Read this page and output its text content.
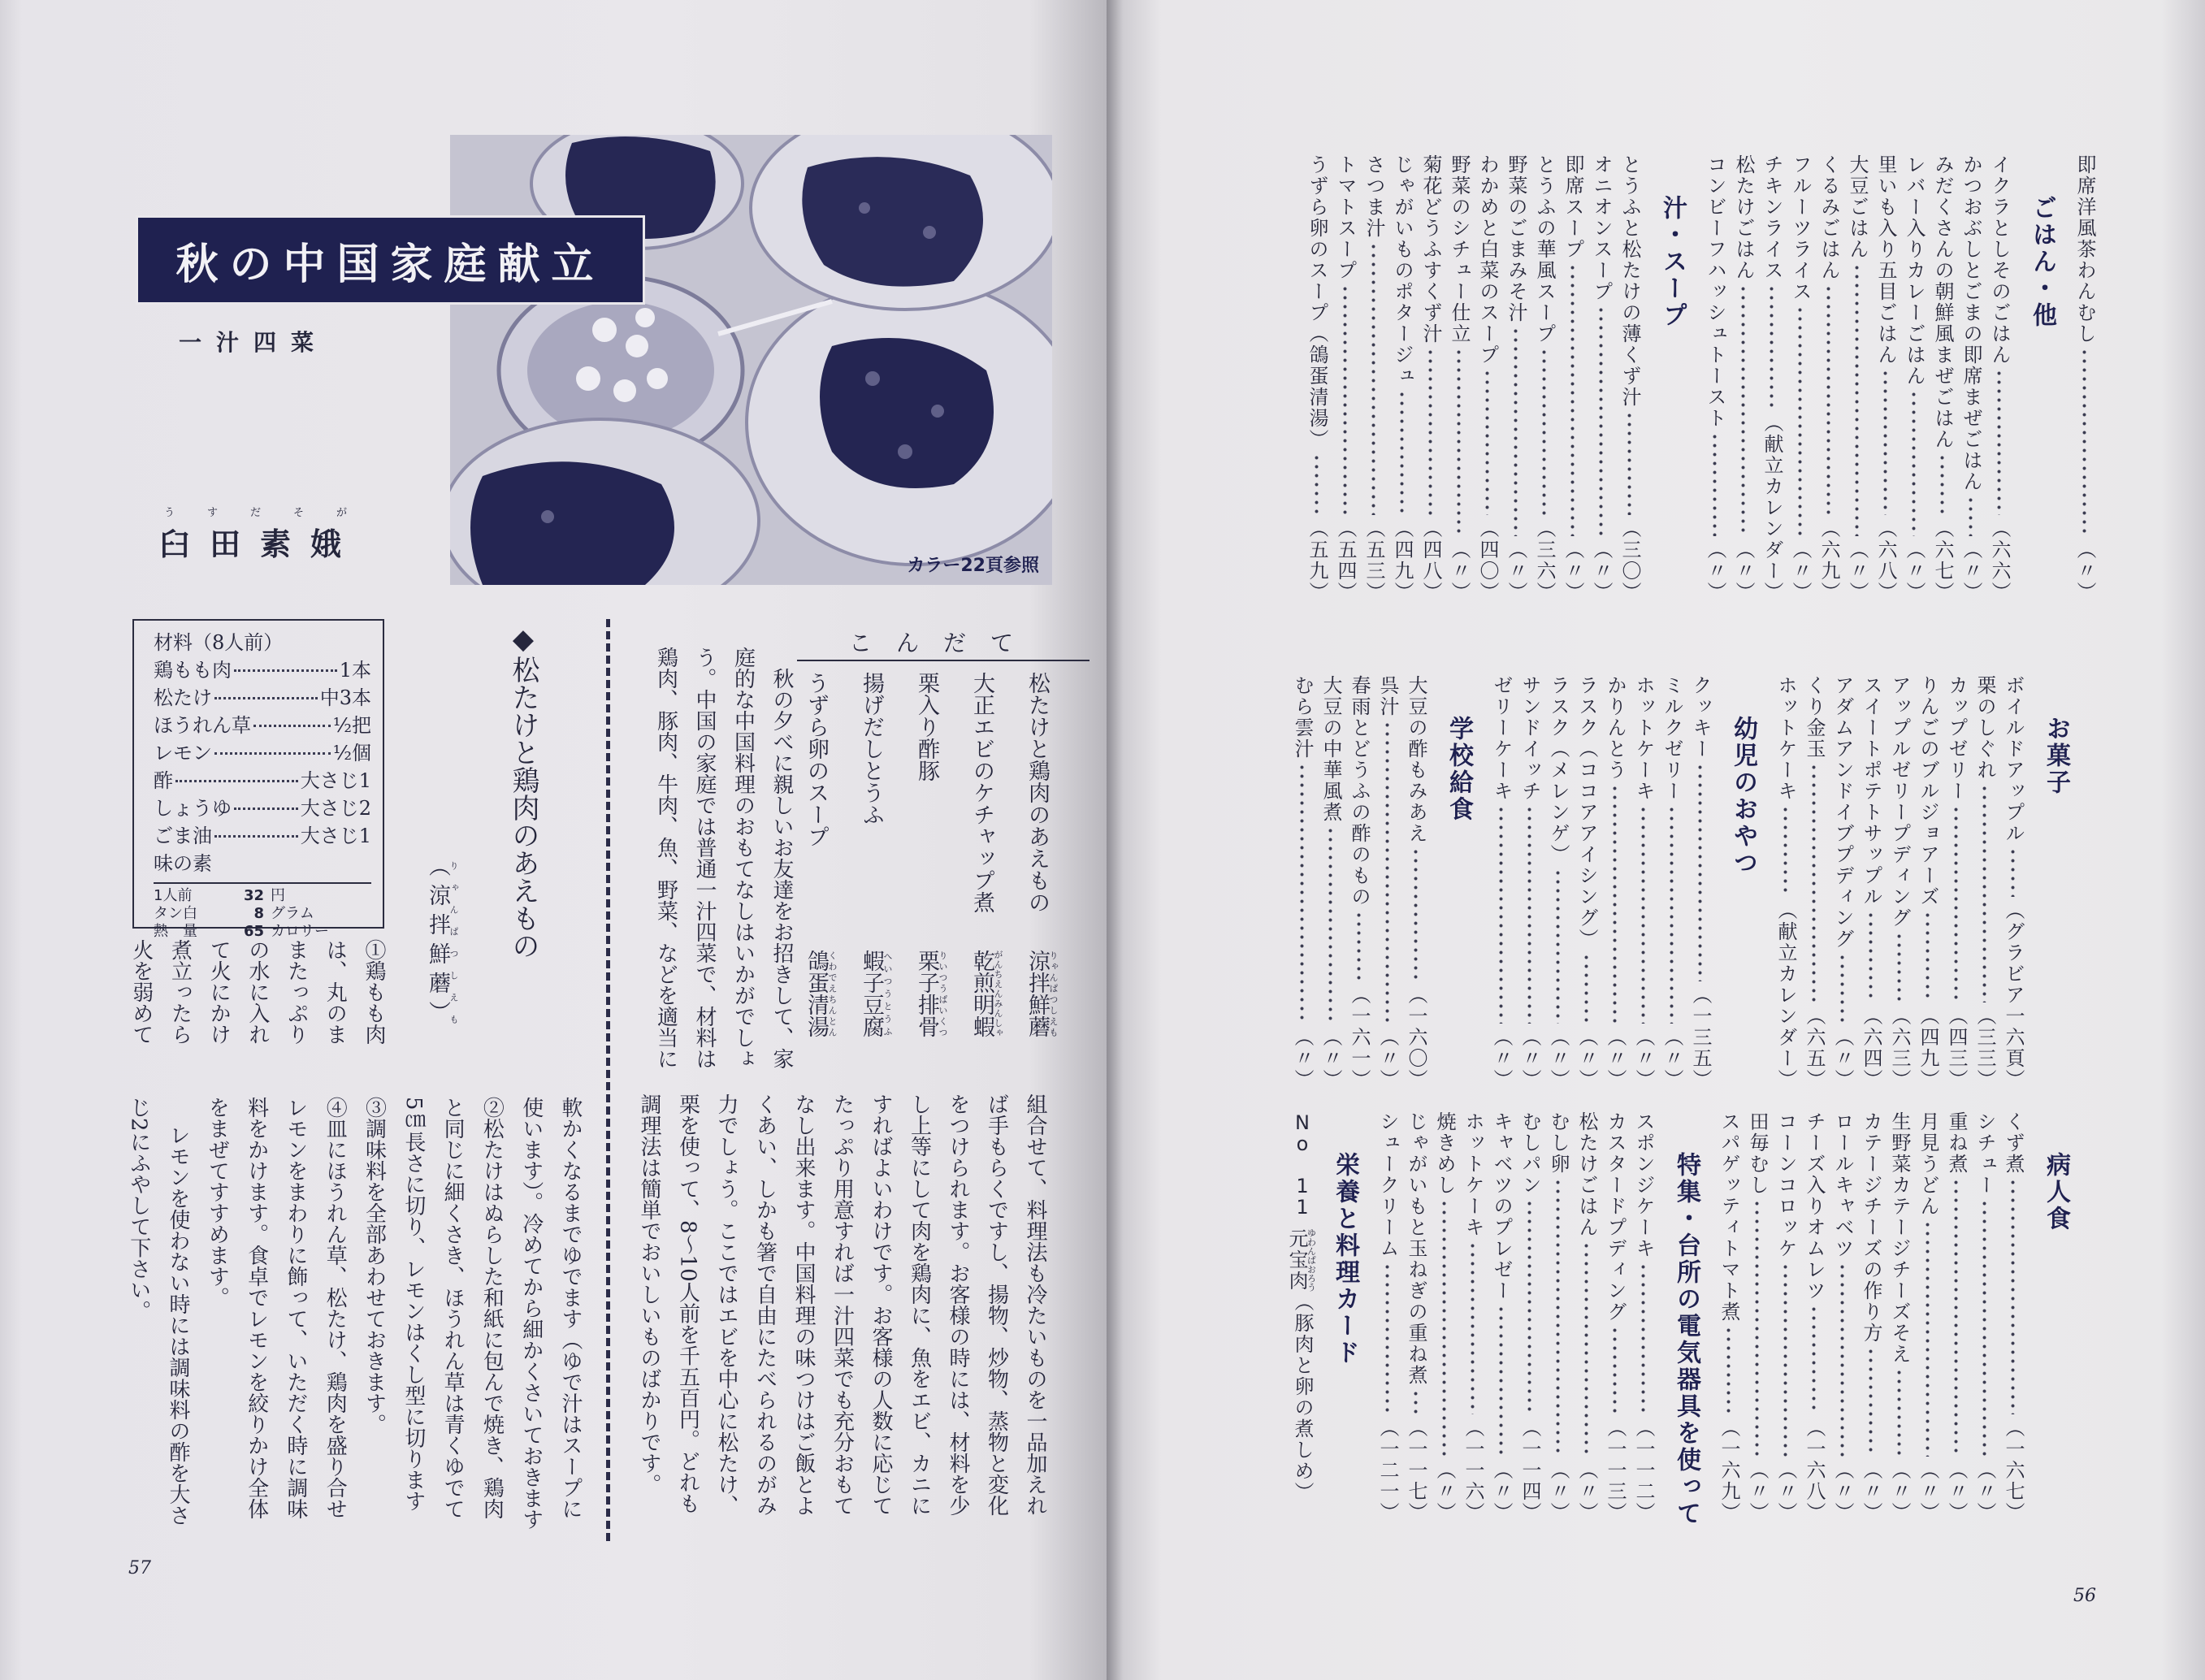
カラー22頁参照
秋の中国家庭献立
一汁四菜
うすだそが
臼田素娥
材料（8人前）
鶏もも肉	1本
松たけ	中3本
ほうれん草	½把
レモン	½個
酢	大さじ1
しょうゆ	大さじ2
ごま油	大さじ1
味の素
1人前	32 円
タン白	8 グラム
熱　量	65 カロリー	◆松たけと鶏肉のあえもの
（涼拌鮮蘑）りゃんぱつしえも
①鶏もも肉
は、丸のま
またっぷり
の水に入れ
て火にかけ
煮立ったら
火を弱めて
軟かくなるまでゆでます（ゆで汁はスープに
使います）。冷めてから細かくさいておきます
②松たけはぬらした和紙に包んで焼き、鶏肉
と同じに細くさき、ほうれん草は青くゆでて
5㎝長さに切り、レモンはくし型に切ります
③調味料を全部あわせておきます。
④皿にほうれん草、松たけ、鶏肉を盛り合せ
レモンをまわりに飾って、いただく時に調味
料をかけます。食卓でレモンを絞りかけ全体
をまぜてすすめます。
レモンを使わない時には調味料の酢を大さ
じ2にふやして下さい。
こんだて
松たけと鶏肉のあえもの
涼拌鮮蘑りゃんぱつしえも
大正エビのケチャップ煮
乾煎明蝦がんちえんみんしゃ
栗入り酢豚
栗子排骨りいつうぱいくつ
揚げだしとうふ
蝦子豆腐へいつうとうふ
うずら卵のスープ
鴿蛋清湯くわでえちんとん
秋の夕べに親しいお友達をお招きして、家
庭的な中国料理のおもてなしはいかがでしょ
う。中国の家庭では普通一汁四菜で、材料は
鶏肉、豚肉、牛肉、魚、野菜、などを適当に
組合せて、料理法も冷たいものを一品加えれ
ば手もらくですし、揚物、炒物、蒸物と変化
をつけられます。お客様の時には、材料を少
し上等にして肉を鶏肉に、魚をエビ、カニに
すればよいわけです。お客様の人数に応じて
たっぷり用意すれば一汁四菜でも充分おもて
なし出来ます。中国料理の味つけはご飯とよ
くあい、しかも箸で自由にたべられるのがみ
力でしょう。ここではエビを中心に松たけ、
栗を使って、8～10人前を千五百円。どれも
調理法は簡単でおいしいものばかりです。
57
即席洋風茶わんむし
（〃）
ごはん・他
イクラとしそのごはん
（六六）
かつおぶしとごまの即席まぜごはん
（〃）
みだくさんの朝鮮風まぜごはん
（六七）
レバー入りカレーごはん
（〃）
里いも入り五目ごはん
（六八）
大豆ごはん
（〃）
くるみごはん
（六九）
フルーツライス
（〃）
チキンライス
（献立カレンダー）
松たけごはん
（〃）
コンビーフハッシュトースト
（〃）
汁・スープ
とうふと松たけの薄くず汁
（三〇）
オニオンスープ
（〃）
即席スープ
（〃）
とうふの華風スープ
（三六）
野菜のごまみそ汁
（〃）
わかめと白菜のスープ
（四〇）
野菜のシチュー仕立
（〃）
菊花どうふすくず汁
（四八）
じゃがいものポタージュ
（四九）
さつま汁
（五三）
トマトスープ
（五四）
うずら卵のスープ（鴿蛋清湯）
（五九）
お菓子
ボイルドアップル
（グラビア一六頁）
栗のしぐれ
（三三）
カップゼリー
（四三）
りんごのブルジョアーズ
（四九）
アップルゼリープディング
（六三）
スイートポテトサップル
（六四）
アダムアンドイブプディング
（〃）
くり金玉
（六五）
ホットケーキ
（献立カレンダー）
幼児のおやつ
クッキー
（一三五）
ミルクゼリー
（〃）
ホットケーキ
（〃）
かりんとう
（〃）
ラスク（ココアアイシング）
（〃）
ラスク（メレンゲ）
（〃）
サンドイッチ
（〃）
ゼリーケーキ
（〃）
学校給食
大豆の酢もみあえ
（一六〇）
呉汁
（〃）
春雨とどうふの酢のもの
（一六一）
大豆の中華風煮
（〃）
むら雲汁
（〃）
病人食
くず煮
（一六七）
シチュー
（〃）
重ね煮
（〃）
月見うどん
（〃）
生野菜カテージチーズそえ
（〃）
カテージチーズの作り方
（〃）
ロールキャベツ
（〃）
チーズ入りオムレツ
（一六八）
コーンコロッケ
（〃）
田毎むし
（〃）
スパゲッティトマト煮
（一六九）
特集・台所の電気器具を使って
スポンジケーキ
（一一二）
カスタードプディング
（一一三）
松たけごはん
（〃）
むし卵
（〃）
むしパン
（一一四）
キャベツのプレゼー
（〃）
ホットケーキ
（一一六）
焼きめし
（〃）
じゃがいもと玉ねぎの重ね煮
（一一七）
シュークリーム
（一二一）
栄養と料理カード
No 11
元宝肉ゆわんぱおろう
（豚肉と卵の煮しめ）
56
